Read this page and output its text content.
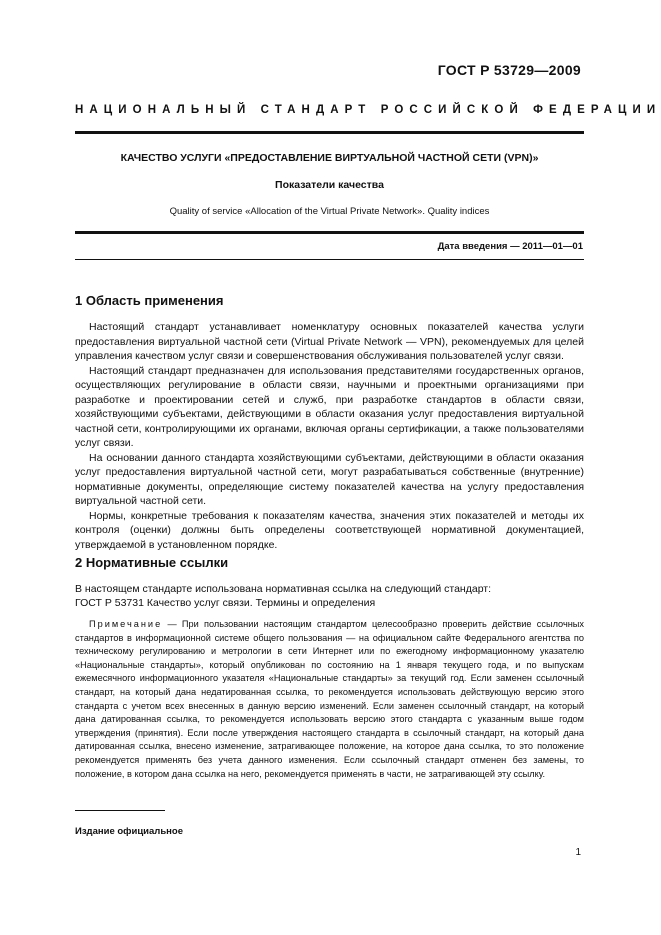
ГОСТ Р 53729—2009
НАЦИОНАЛЬНЫЙ СТАНДАРТ РОССИЙСКОЙ ФЕДЕРАЦИИ
КАЧЕСТВО УСЛУГИ «ПРЕДОСТАВЛЕНИЕ ВИРТУАЛЬНОЙ ЧАСТНОЙ СЕТИ (VPN)»
Показатели качества
Quality of service «Allocation of the Virtual Private Network». Quality indices
Дата введения — 2011—01—01
1 Область применения

Настоящий стандарт устанавливает номенклатуру основных показателей качества услуги предоставления виртуальной частной сети (Virtual Private Network — VPN), рекомендуемых для целей управления качеством услуг связи и совершенствования обслуживания пользователей услуг связи.

Настоящий стандарт предназначен для использования представителями государственных органов, осуществляющих регулирование в области связи, научными и проектными организациями при разработке и проектировании сетей и служб, при разработке стандартов в области связи, хозяйствующими субъектами, действующими в области оказания услуг предоставления виртуальной частной сети, контролирующими их органами, включая органы сертификации, а также пользователями услуг связи.

На основании данного стандарта хозяйствующими субъектами, действующими в области оказания услуг предоставления виртуальной частной сети, могут разрабатываться собственные (внутренние) нормативные документы, определяющие систему показателей качества на услугу предоставления виртуальной частной сети.

Нормы, конкретные требования к показателям качества, значения этих показателей и методы их контроля (оценки) должны быть определены соответствующей нормативной документацией, утверждаемой в установленном порядке.

2 Нормативные ссылки
В настоящем стандарте использована нормативная ссылка на следующий стандарт:
ГОСТ Р 53731 Качество услуг связи. Термины и определения

Примечание — При пользовании настоящим стандартом целесообразно проверить действие ссылочных стандартов в информационной системе общего пользования — на официальном сайте Федерального агентства по техническому регулированию и метрологии в сети Интернет или по ежегодному информационному указателю «Национальные стандарты», который опубликован по состоянию на 1 января текущего года, и по выпускам ежемесячного информационного указателя «Национальные стандарты» за текущий год. Если заменен ссылочный стандарт, на который дана недатированная ссылка, то рекомендуется использовать действующую версию этого стандарта с учетом всех внесенных в данную версию изменений. Если заменен ссылочный стандарт, на который дана датированная ссылка, то рекомендуется использовать версию этого стандарта с указанным выше годом утверждения (принятия). Если после утверждения настоящего стандарта в ссылочный стандарт, на который дана датированная ссылка, внесено изменение, затрагивающее положение, на которое дана ссылка, то это положение рекомендуется применять без учета данного изменения. Если ссылочный стандарт отменен без замены, то положение, в котором дана ссылка на него, рекомендуется применять в части, не затрагивающей эту ссылку.

Издание официальное
1
